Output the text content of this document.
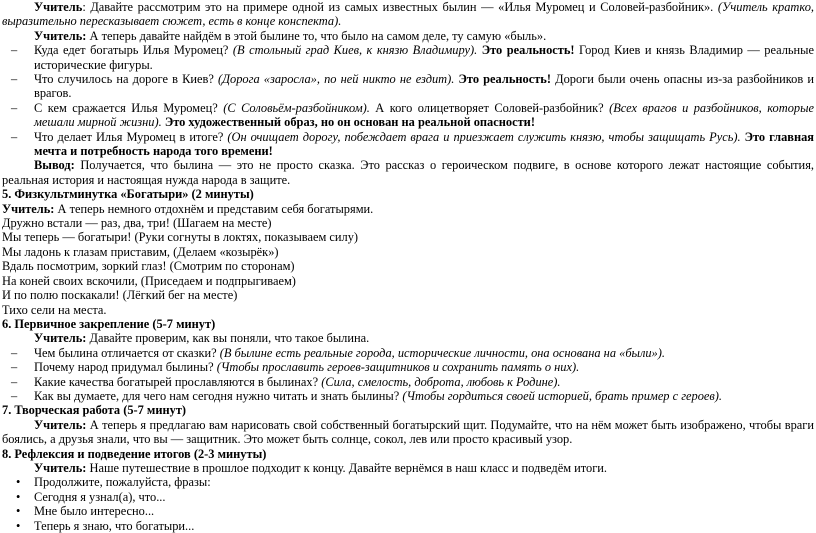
Учитель: Давайте рассмотрим это на примере одной из самых известных былин — «Илья Муромец и Соловей-разбойник». (Учитель кратко,
выразительно пересказывает сюжет, есть в конце конспекта).
Учитель: А теперь давайте найдём в этой былине то, что было на самом деле, ту самую «быль».
– Куда едет богатырь Илья Муромец? (В стольный град Киев, к князю Владимиру). Это реальность! Город Киев и князь Владимир — реальные
исторические фигуры.
– Что случилось на дороге в Киев? (Дорога «заросла», по ней никто не ездит). Это реальность! Дороги были очень опасны из-за разбойников и
врагов.
– С кем сражается Илья Муромец? (С Соловьём-разбойником). А кого олицетворяет Соловей-разбойник? (Всех врагов и разбойников, которые
мешали мирной жизни). Это художественный образ, но он основан на реальной опасности!
– Что делает Илья Муромец в итоге? (Он очищает дорогу, побеждает врага и приезжает служить князю, чтобы защищать Русь). Это главная
мечта и потребность народа того времени!
Вывод: Получается, что былина — это не просто сказка. Это рассказ о героическом подвиге, в основе которого лежат настоящие события,
реальная история и настоящая нужда народа в защите.
5. Физкультминутка «Богатыри» (2 минуты)
Учитель: А теперь немного отдохнём и представим себя богатырями.
Дружно встали — раз, два, три! (Шагаем на месте)
Мы теперь — богатыри! (Руки согнуты в локтях, показываем силу)
Мы ладонь к глазам приставим, (Делаем «козырёк»)
Вдаль посмотрим, зоркий глаз! (Смотрим по сторонам)
На коней своих вскочили, (Приседаем и подпрыгиваем)
И по полю поскакали! (Лёгкий бег на месте)
Тихо сели на места.
6. Первичное закрепление (5-7 минут)
Учитель: Давайте проверим, как вы поняли, что такое былина.
– Чем былина отличается от сказки? (В былине есть реальные города, исторические личности, она основана на «были»).
– Почему народ придумал былины? (Чтобы прославить героев-защитников и сохранить память о них).
– Какие качества богатырей прославляются в былинах? (Сила, смелость, доброта, любовь к Родине).
– Как вы думаете, для чего нам сегодня нужно читать и знать былины? (Чтобы гордиться своей историей, брать пример с героев).
7. Творческая работа (5-7 минут)
Учитель: А теперь я предлагаю вам нарисовать свой собственный богатырский щит. Подумайте, что на нём может быть изображено, чтобы враги
боялись, а друзья знали, что вы — защитник. Это может быть солнце, сокол, лев или просто красивый узор.
8. Рефлексия и подведение итогов (2-3 минуты)
Учитель: Наше путешествие в прошлое подходит к концу. Давайте вернёмся в наш класс и подведём итоги.
• Продолжите, пожалуйста, фразы:
• Сегодня я узнал(а), что...
• Мне было интересно...
• Теперь я знаю, что богатыри...
